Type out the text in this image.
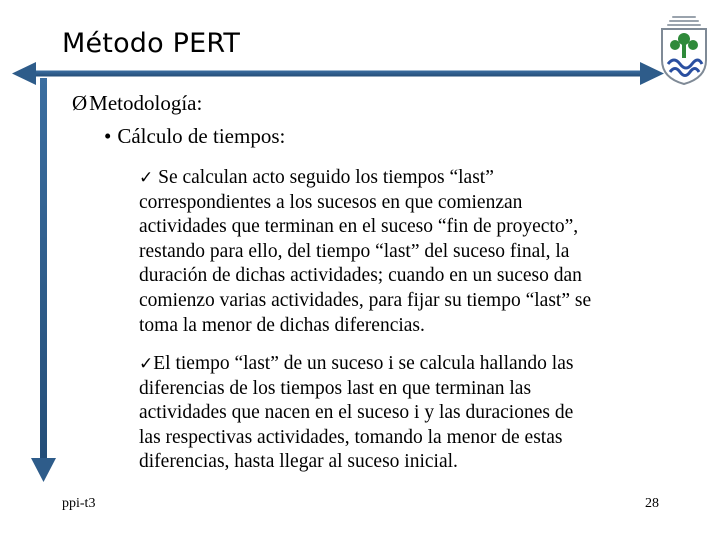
Método PERT
ØMetodología:
• Cálculo de tiempos:
✓ Se calculan acto seguido los tiempos “last”
correspondientes a los sucesos en que comienzan
actividades que terminan en el suceso “fin de proyecto”,
restando para ello, del tiempo “last” del suceso final, la
duración de dichas actividades; cuando en un suceso dan
comienzo varias actividades, para fijar su tiempo “last” se
toma la menor de dichas diferencias.
✓El tiempo “last” de un suceso i se calcula hallando las
diferencias de los tiempos last en que terminan las
actividades que nacen en el suceso i y las duraciones de
las respectivas actividades, tomando la menor de estas
diferencias, hasta llegar al suceso inicial.
ppi-t3	28
